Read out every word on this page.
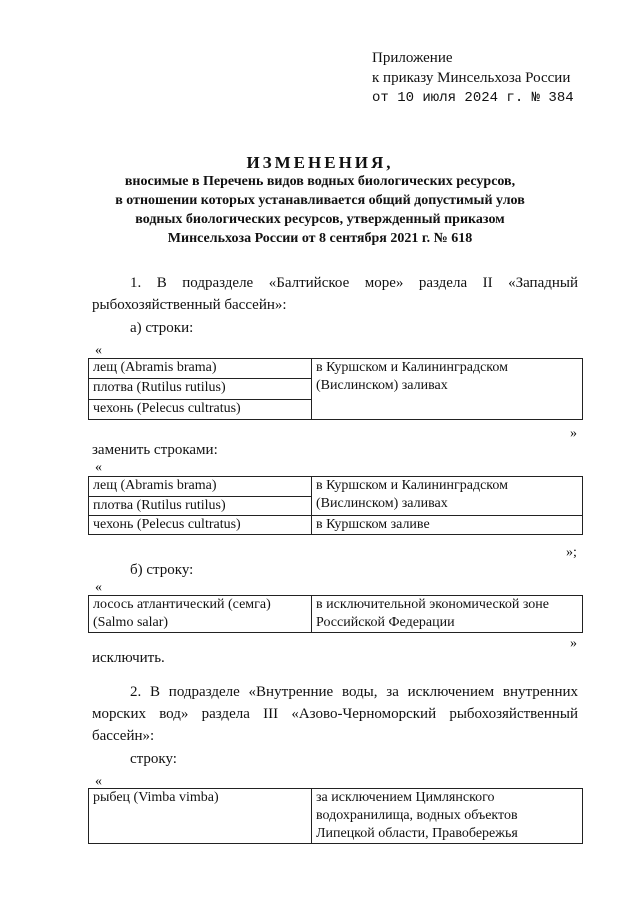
Приложение
к приказу Минсельхоза России
от 10 июля 2024 г. № 384
ИЗМЕНЕНИЯ,
вносимые в Перечень видов водных биологических ресурсов,
в отношении которых устанавливается общий допустимый улов
водных биологических ресурсов, утвержденный приказом
Минсельхоза России от 8 сентября 2021 г. № 618
1. В подразделе «Балтийское море» раздела II «Западный рыбохозяйственный бассейн»:
а) строки:
«
лещ (Abramis brama)	в Куршском и Калининградском (Вислинском) заливах
плотва (Rutilus rutilus)
чехонь (Pelecus cultratus)
»
заменить строками:
«
лещ (Abramis brama)	в Куршском и Калининградском (Вислинском) заливах
плотва (Rutilus rutilus)	
чехонь (Pelecus cultratus)	в Куршском заливе
»;
б) строку:
«
лосось атлантический (семга) (Salmo salar)	в исключительной экономической зоне Российской Федерации
»
исключить.
2. В подразделе «Внутренние воды, за исключением внутренних морских вод» раздела III «Азово-Черноморский рыбохозяйственный бассейн»:
строку:
«
рыбец (Vimba vimba)	за исключением Цимлянского водохранилища, водных объектов Липецкой области, Правобережья
